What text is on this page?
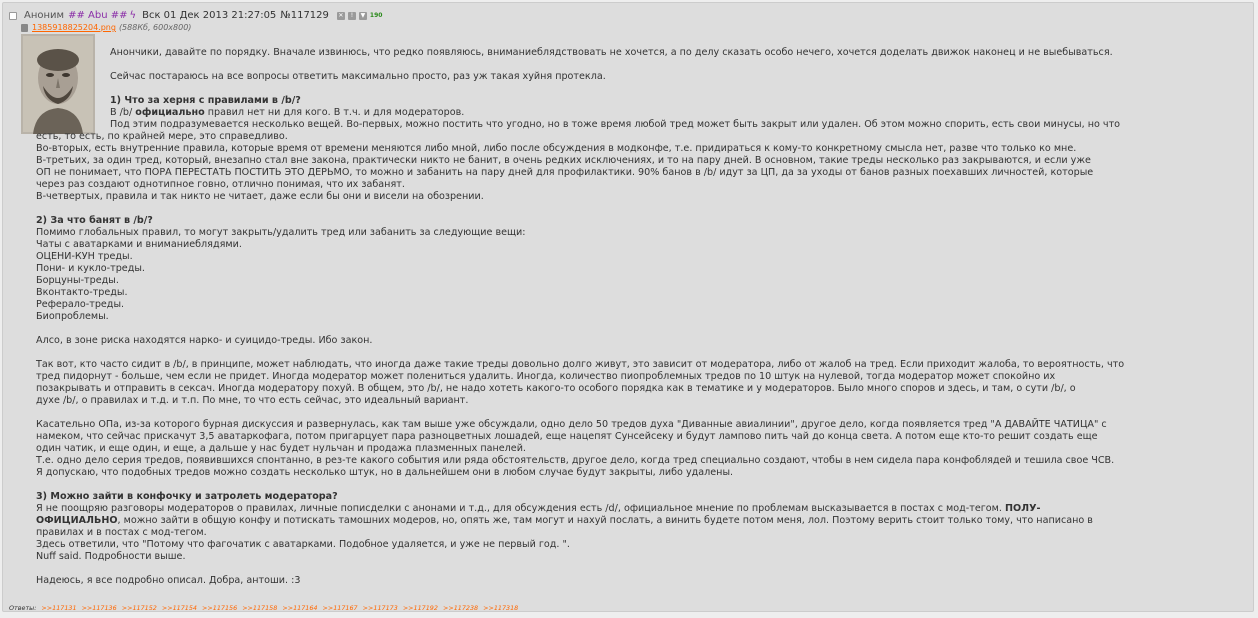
Аноним ## Abu ## ϟ Вск 01 Дек 2013 21:27:05 №117129 ✕	!	▼ 190
1385918825204.png (588Кб, 600x800)

Анончики, давайте по порядку. Вначале извинюсь, что редко появляюсь, вниманиеблядствовать не хочется, а по делу сказать особо нечего, хочется доделать движок наконец и не выебываться.

Сейчас постараюсь на все вопросы ответить максимально просто, раз уж такая хуйня протекла.

1) Что за херня с правилами в /b/?

В /b/ официально правил нет ни для кого. В т.ч. и для модераторов.

Под этим подразумевается несколько вещей. Во-первых, можно постить что угодно, но в тоже время любой тред может быть закрыт или удален. Об этом можно спорить, есть свои минусы, но что

есть, то есть, по крайней мере, это справедливо.

Во-вторых, есть внутренние правила, которые время от времени меняются либо мной, либо после обсуждения в модконфе, т.е. придираться к кому-то конкретному смысла нет, разве что только ко мне.

В-третьих, за один тред, который, внезапно стал вне закона, практически никто не банит, в очень редких исключениях, и то на пару дней. В основном, такие треды несколько раз закрываются, и если уже

ОП не понимает, что ПОРА ПЕРЕСТАТЬ ПОСТИТЬ ЭТО ДЕРЬМО, то можно и забанить на пару дней для профилактики. 90% банов в /b/ идут за ЦП, да за уходы от банов разных поехавших личностей, которые

через раз создают однотипное говно, отлично понимая, что их забанят.

В-четвертых, правила и так никто не читает, даже если бы они и висели на обозрении.

2) За что банят в /b/?

Помимо глобальных правил, то могут закрыть/удалить тред или забанить за следующие вещи:

Чаты с аватарками и вниманиеблядями.

ОЦЕНИ-КУН треды.

Пони- и кукло-треды.

Борцуны-треды.

Вконтакто-треды.

Реферало-треды.

Биопроблемы.

Алсо, в зоне риска находятся нарко- и суицидо-треды. Ибо закон.

Так вот, кто часто сидит в /b/, в принципе, может наблюдать, что иногда даже такие треды довольно долго живут, это зависит от модератора, либо от жалоб на тред. Если приходит жалоба, то вероятность, что

тред пидорнут - больше, чем если не придет. Иногда модератор может полениться удалить. Иногда, количество пиопроблемных тредов по 10 штук на нулевой, тогда модератор может спокойно их

позакрывать и отправить в сексач. Иногда модератору похуй. В общем, это /b/, не надо хотеть какого-то особого порядка как в тематике и у модераторов. Было много споров и здесь, и там, о сути /b/, о

духе /b/, о правилах и т.д. и т.п. По мне, то что есть сейчас, это идеальный вариант.

Касательно ОПа, из-за которого бурная дискуссия и развернулась, как там выше уже обсуждали, одно дело 50 тредов духа "Диванные авиалинии", другое дело, когда появляется тред "А ДАВАЙТЕ ЧАТИЦА" с

намеком, что сейчас прискачут 3,5 аватаркофага, потом пригарцует пара разноцветных лошадей, еще нацепят Сунсейсеку и будут лампово пить чай до конца света. А потом еще кто-то решит создать еще

один чатик, и еще один, и еще, а дальше у нас будет нульчан и продажа плазменных панелей.

Т.е. одно дело серия тредов, появившихся спонтанно, в рез-те какого события или ряда обстоятельств, другое дело, когда тред специально создают, чтобы в нем сидела пара конфоблядей и тешила свое ЧСВ.

Я допускаю, что подобных тредов можно создать несколько штук, но в дальнейшем они в любом случае будут закрыты, либо удалены.

3) Можно зайти в конфочку и затролеть модератора?

Я не поощряю разговоры модераторов о правилах, личные пописделки с анонами и т.д., для обсуждения есть /d/, официальное мнение по проблемам высказывается в постах с мод-тегом. ПОЛУ-

ОФИЦИАЛЬНО, можно зайти в общую конфу и потискать тамошних модеров, но, опять же, там могут и нахуй послать, а винить будете потом меня, лол. Поэтому верить стоит только тому, что написано в

правилах и в постах с мод-тегом.

Здесь ответили, что "Потому что фагочатик с аватарками. Подобное удаляется, и уже не первый год. ".

Nuff said. Подробности выше.

Надеюсь, я все подробно описал. Добра, антоши. :3

Ответы: >>117131 >>117136 >>117152 >>117154 >>117156 >>117158 >>117164 >>117167 >>117173 >>117192 >>117238 >>117318
